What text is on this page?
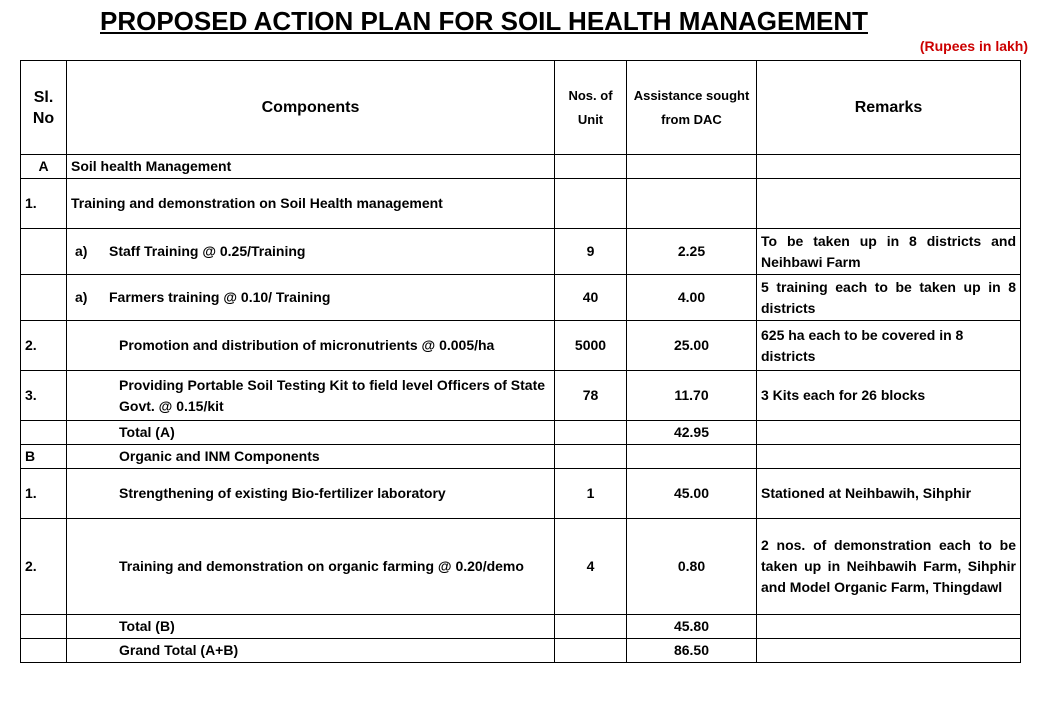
PROPOSED ACTION PLAN FOR SOIL HEALTH MANAGEMENT
(Rupees in lakh)
Sl. No	Components	Nos. of Unit	Assistance sought from DAC	Remarks
A	Soil health Management			
1.	Training and demonstration on Soil Health management			
	a) Staff Training @ 0.25/Training	9	2.25	To be taken up in 8 districts and Neihbawi Farm
	a) Farmers training @ 0.10/ Training	40	4.00	5 training each to be taken up in 8 districts
2.	Promotion and distribution of micronutrients @ 0.005/ha	5000	25.00	625 ha each to be covered in 8 districts
3.	Providing Portable Soil Testing Kit to field level Officers of State Govt. @ 0.15/kit	78	11.70	3 Kits each for 26 blocks
	Total (A)		42.95	
B	Organic and INM Components			
1.	Strengthening of existing Bio-fertilizer laboratory	1	45.00	Stationed at Neihbawih, Sihphir
2.	Training and demonstration on organic farming @ 0.20/demo	4	0.80	2 nos. of demonstration each to be taken up in Neihbawih Farm, Sihphir and Model Organic Farm, Thingdawl
	Total (B)		45.80	
	Grand Total (A+B)		86.50	
